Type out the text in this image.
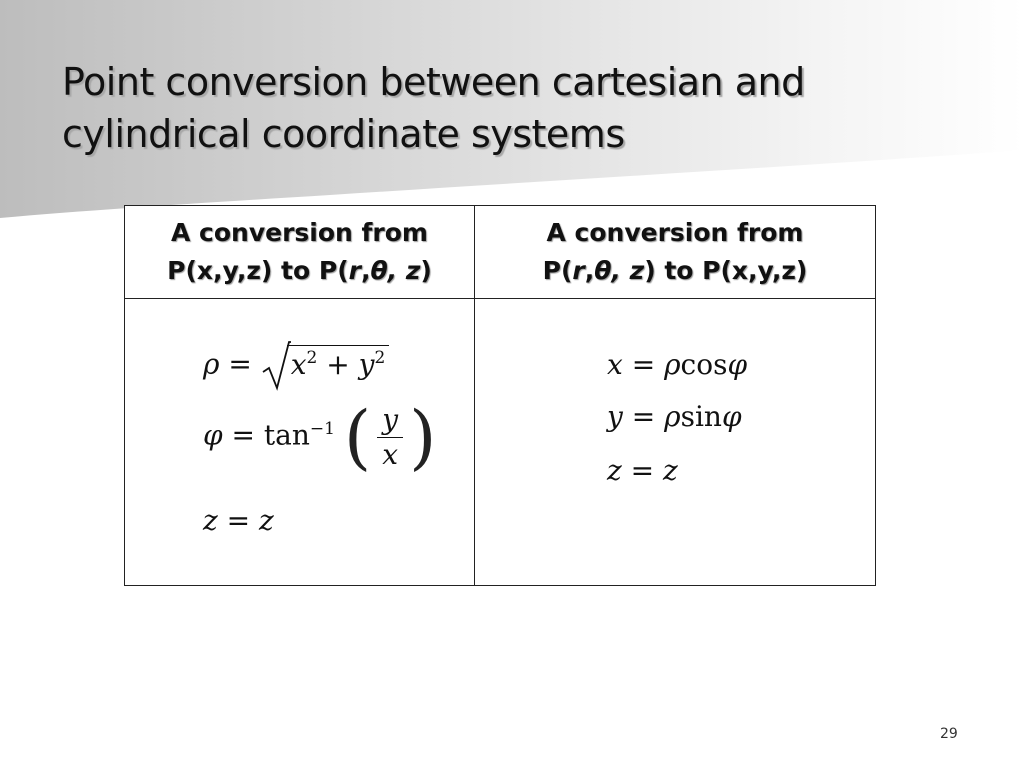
Point conversion between cartesian and
cylindrical coordinate systems
A conversion from
P(x,y,z) to P(r,θ, z)
A conversion from
P(r,θ, z) to P(x,y,z)
$\rho = x^2 + y^2$
$\varphi = \tan^{-1}$ ( $\frac{y}{x}$ )
z = z
x = ρcosφ
y = ρsinφ
z = z
29
